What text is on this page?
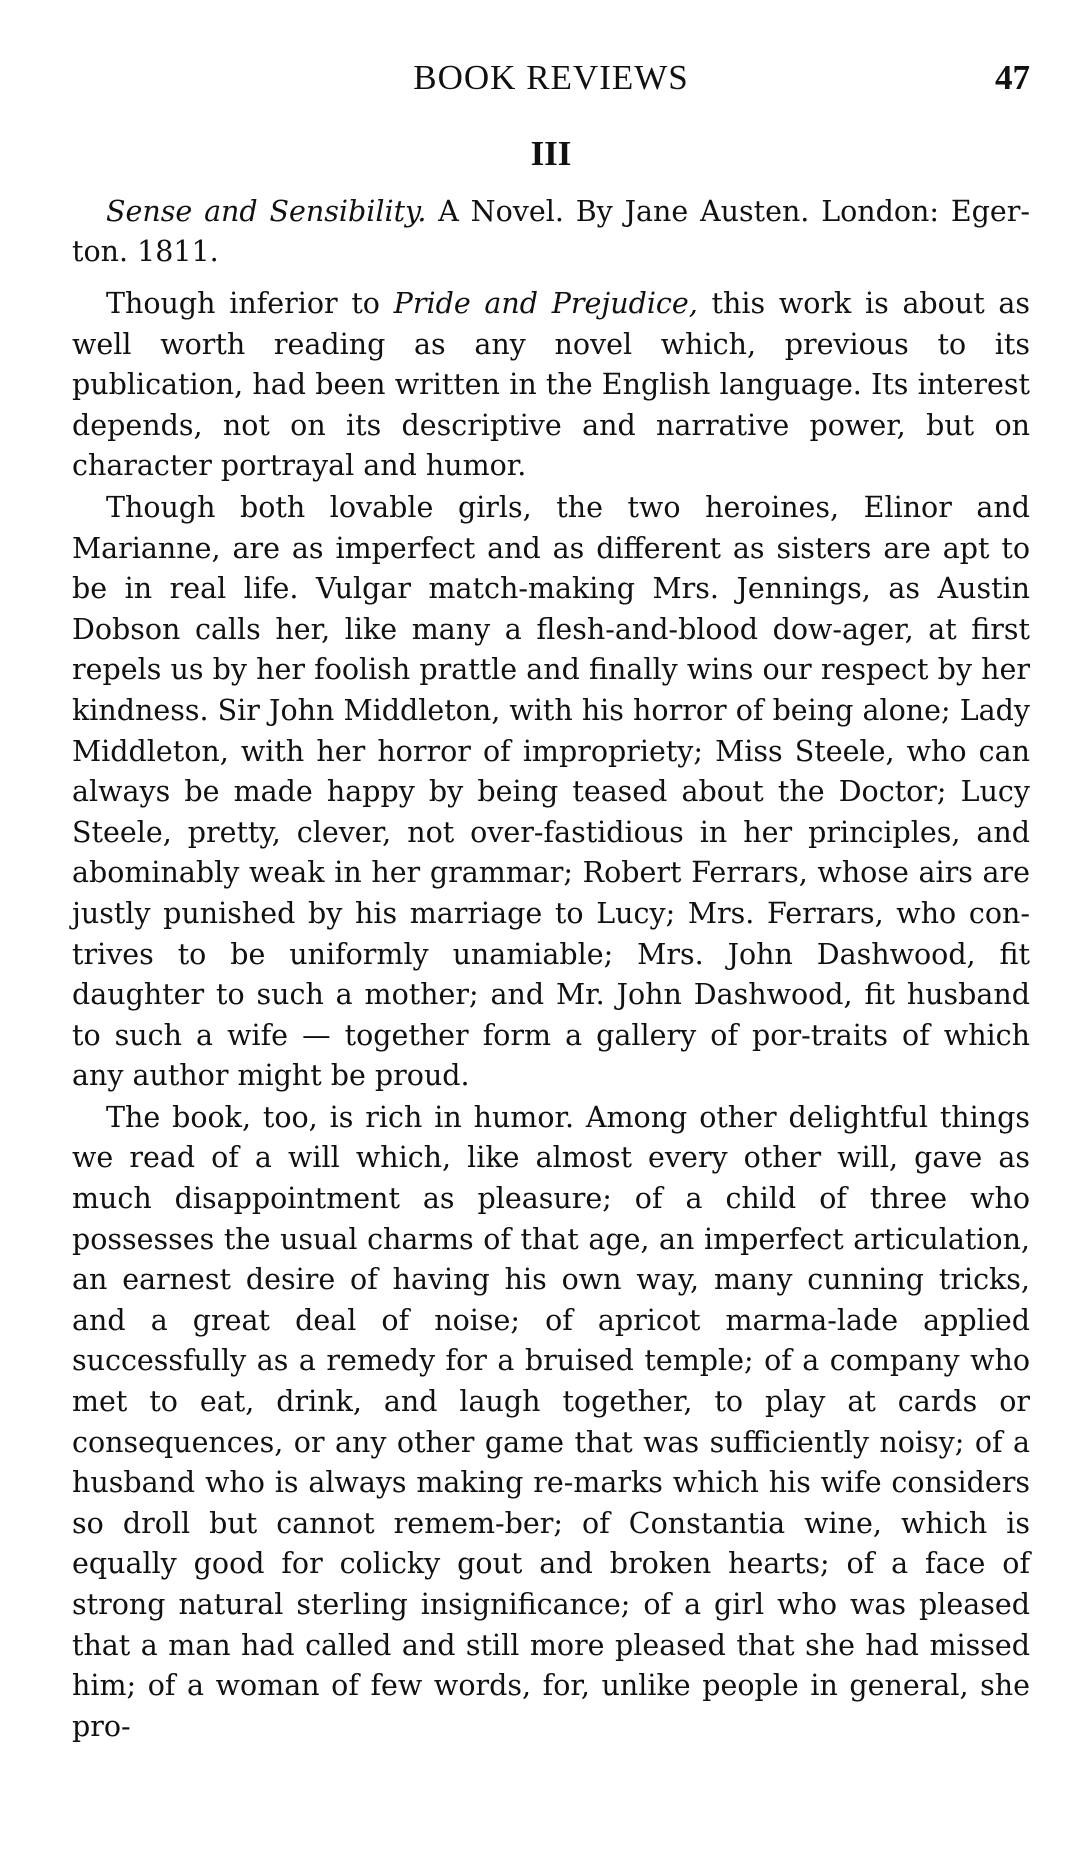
BOOK REVIEWS	47
III

Sense and Sensibility. A Novel. By Jane Austen. London: Eger-ton. 1811.

Though inferior to Pride and Prejudice, this work is about as well worth reading as any novel which, previous to its publication, had been written in the English language. Its interest depends, not on its descriptive and narrative power, but on character portrayal and humor.

Though both lovable girls, the two heroines, Elinor and Marianne, are as imperfect and as different as sisters are apt to be in real life. Vulgar match-making Mrs. Jennings, as Austin Dobson calls her, like many a flesh-and-blood dow-ager, at first repels us by her foolish prattle and finally wins our respect by her kindness. Sir John Middleton, with his horror of being alone; Lady Middleton, with her horror of impropriety; Miss Steele, who can always be made happy by being teased about the Doctor; Lucy Steele, pretty, clever, not over-fastidious in her principles, and abominably weak in her grammar; Robert Ferrars, whose airs are justly punished by his marriage to Lucy; Mrs. Ferrars, who con-trives to be uniformly unamiable; Mrs. John Dashwood, fit daughter to such a mother; and Mr. John Dashwood, fit husband to such a wife — together form a gallery of por-traits of which any author might be proud.

The book, too, is rich in humor. Among other delightful things we read of a will which, like almost every other will, gave as much disappointment as pleasure; of a child of three who possesses the usual charms of that age, an imperfect articulation, an earnest desire of having his own way, many cunning tricks, and a great deal of noise; of apricot marma-lade applied successfully as a remedy for a bruised temple; of a company who met to eat, drink, and laugh together, to play at cards or consequences, or any other game that was sufficiently noisy; of a husband who is always making re-marks which his wife considers so droll but cannot remem-ber; of Constantia wine, which is equally good for colicky gout and broken hearts; of a face of strong natural sterling insignificance; of a girl who was pleased that a man had called and still more pleased that she had missed him; of a woman of few words, for, unlike people in general, she pro-
